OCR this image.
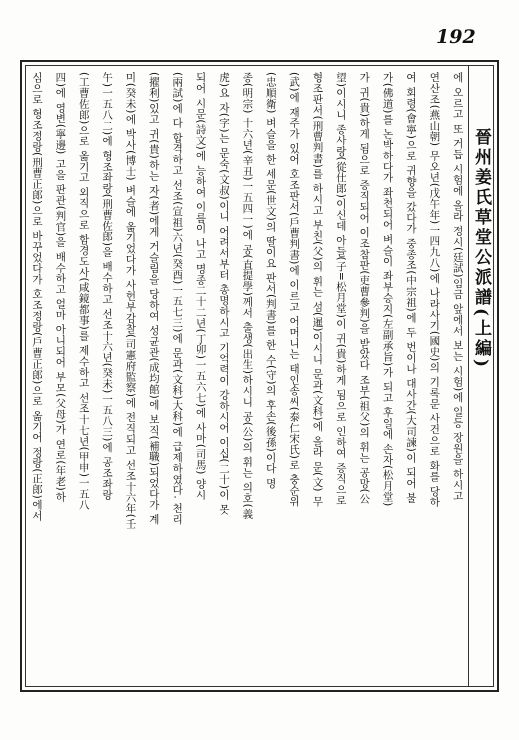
192
晉州姜氏草堂公派譜(上編)
에 오르고 또 거듭 시험에 올라 정시(廷試)임금 앞에서 보는 시험)에 일등 장원을 하시고
연산조(燕山朝) 무오년(戊午年)一四九八)에 나라사기(國史)의 기록문 사건으로 화를 당하
여 회령(會寧)으로 귀향을 갔다가 중종조(中宗祖)에 두 번이나 대사간(大司諫)이 되어 불
가(佛道)를 논박하다가 좌천되어 벼슬이 좌부승지(左副承旨)가 되고 후일에 손자(松月堂)
가 귀(貴)하게 됨으로 증직되어 이조참판(吏曹參判)을 받았다 조부(祖父)의 휘는 공망(公
望)이시니 종사랑(從仕郎)이신데 아들(子=松月堂)이 귀(貴)하게 됨으로 인하여 증직으로
형조판서(刑曹判書)를 하시고 부친(父)의 휘는 섬(暹)이시니 문과(文科)에 올라 문(文) 무
(武)에 재주가 있어 호조판서(戶曹判書)에 이르고 어머니는 태인송씨(泰仁宋氏)로 충순위
(忠順衛) 벼슬을 한 세문(世文)의 딸이요 판서(判書)를 한 수(守)의 후손(後孫)이다 명
종(明宗) 十六년(辛丑)一五四一)에 공(直提學)께서 출생(出生)하시니 공(公)의 휘는 의호(義
虎)요 자(字)는 문숙(文叔)이니 어려서부터 총명하시고 기억력이 강하시어 이십(二十)이 못
되어 시문(詩文)에 능하여 이름이 나고 명종二十二년(丁卯)一五六七)에 사마(司馬) 양시
(兩試)에 다 합격하고 선조(宣祖)六년(癸酉)一五七三)에 문과(文科)大科)에 급제하였다. 천리
(擢利)있고 귀(貴)하는 자(者)에게 거슬림을 당하여 성균관(成均館)에 보직(補職)되었다가 계
미(癸未)에 박사(博士) 벼슬에 옮기었다가 사헌부감찰(司憲府監察)에 전직되고 선조十六年(壬
午)一五八二)에 형조좌랑(刑曹佐郎)을 배수하고 선조十六년(癸未)一五八三)에 공조좌랑
(工曹佐郎)으로 옮기고 외직으로 함경도사(咸鏡都事)를 제수하고 선조十七년(甲申)一五八
四)에 영변(寧邊) 고을 판관(判官)을 배수하고 얼마 아니되어 부모(父母)가 연로(年老)하
심으로 형조정랑(刑曹正郎)으로 바꾸었다가 호조정랑(戶曹正郎)으로 옮기어 정랑(正郎)에서
